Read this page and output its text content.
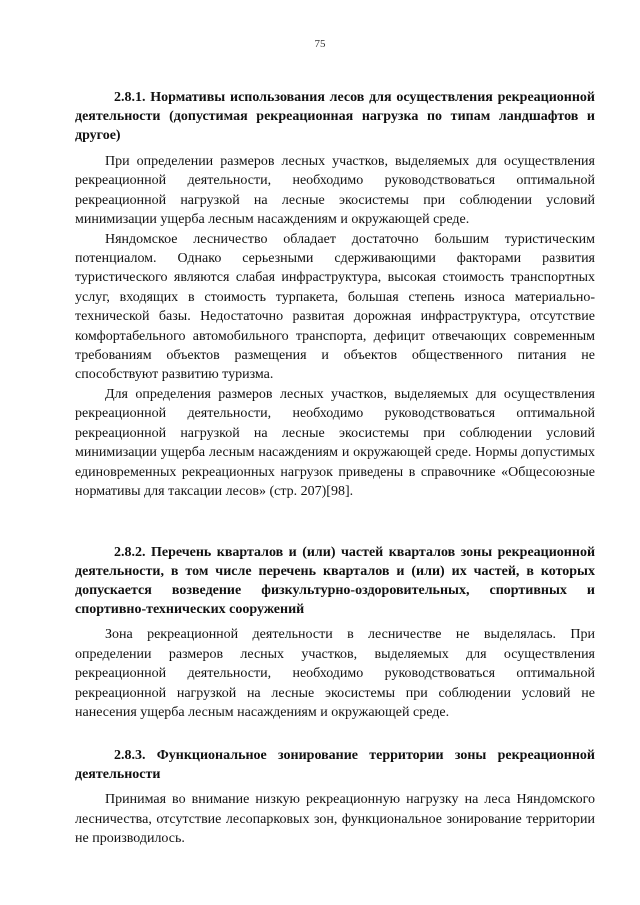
75

2.8.1. Нормативы использования лесов для осуществления рекреационной деятельности (допустимая рекреационная нагрузка по типам ландшафтов и другое)

При определении размеров лесных участков, выделяемых для осуществления рекреационной деятельности, необходимо руководствоваться оптимальной рекреационной нагрузкой на лесные экосистемы при соблюдении условий минимизации ущерба лесным насаждениям и окружающей среде.

Няндомское лесничество обладает достаточно большим туристическим потенциалом. Однако серьезными сдерживающими факторами развития туристического являются слабая инфраструктура, высокая стоимость транспортных услуг, входящих в стоимость турпакета, большая степень износа материально-технической базы. Недостаточно развитая дорожная инфраструктура, отсутствие комфортабельного автомобильного транспорта, дефицит отвечающих современным требованиям объектов размещения и объектов общественного питания не способствуют развитию туризма.

Для определения размеров лесных участков, выделяемых для осуществления рекреационной деятельности, необходимо руководствоваться оптимальной рекреационной нагрузкой на лесные экосистемы при соблюдении условий минимизации ущерба лесным насаждениям и окружающей среде. Нормы допустимых единовременных рекреационных нагрузок приведены в справочнике «Общесоюзные нормативы для таксации лесов» (стр. 207)[98].

2.8.2. Перечень кварталов и (или) частей кварталов зоны рекреационной деятельности, в том числе перечень кварталов и (или) их частей, в которых допускается возведение физкультурно-оздоровительных, спортивных и спортивно-технических сооружений

Зона рекреационной деятельности в лесничестве не выделялась. При определении размеров лесных участков, выделяемых для осуществления рекреационной деятельности, необходимо руководствоваться оптимальной рекреационной нагрузкой на лесные экосистемы при соблюдении условий не нанесения ущерба лесным насаждениям и окружающей среде.

2.8.3. Функциональное зонирование территории зоны рекреационной деятельности

Принимая во внимание низкую рекреационную нагрузку на леса Няндомского лесничества, отсутствие лесопарковых зон, функциональное зонирование территории не производилось.
